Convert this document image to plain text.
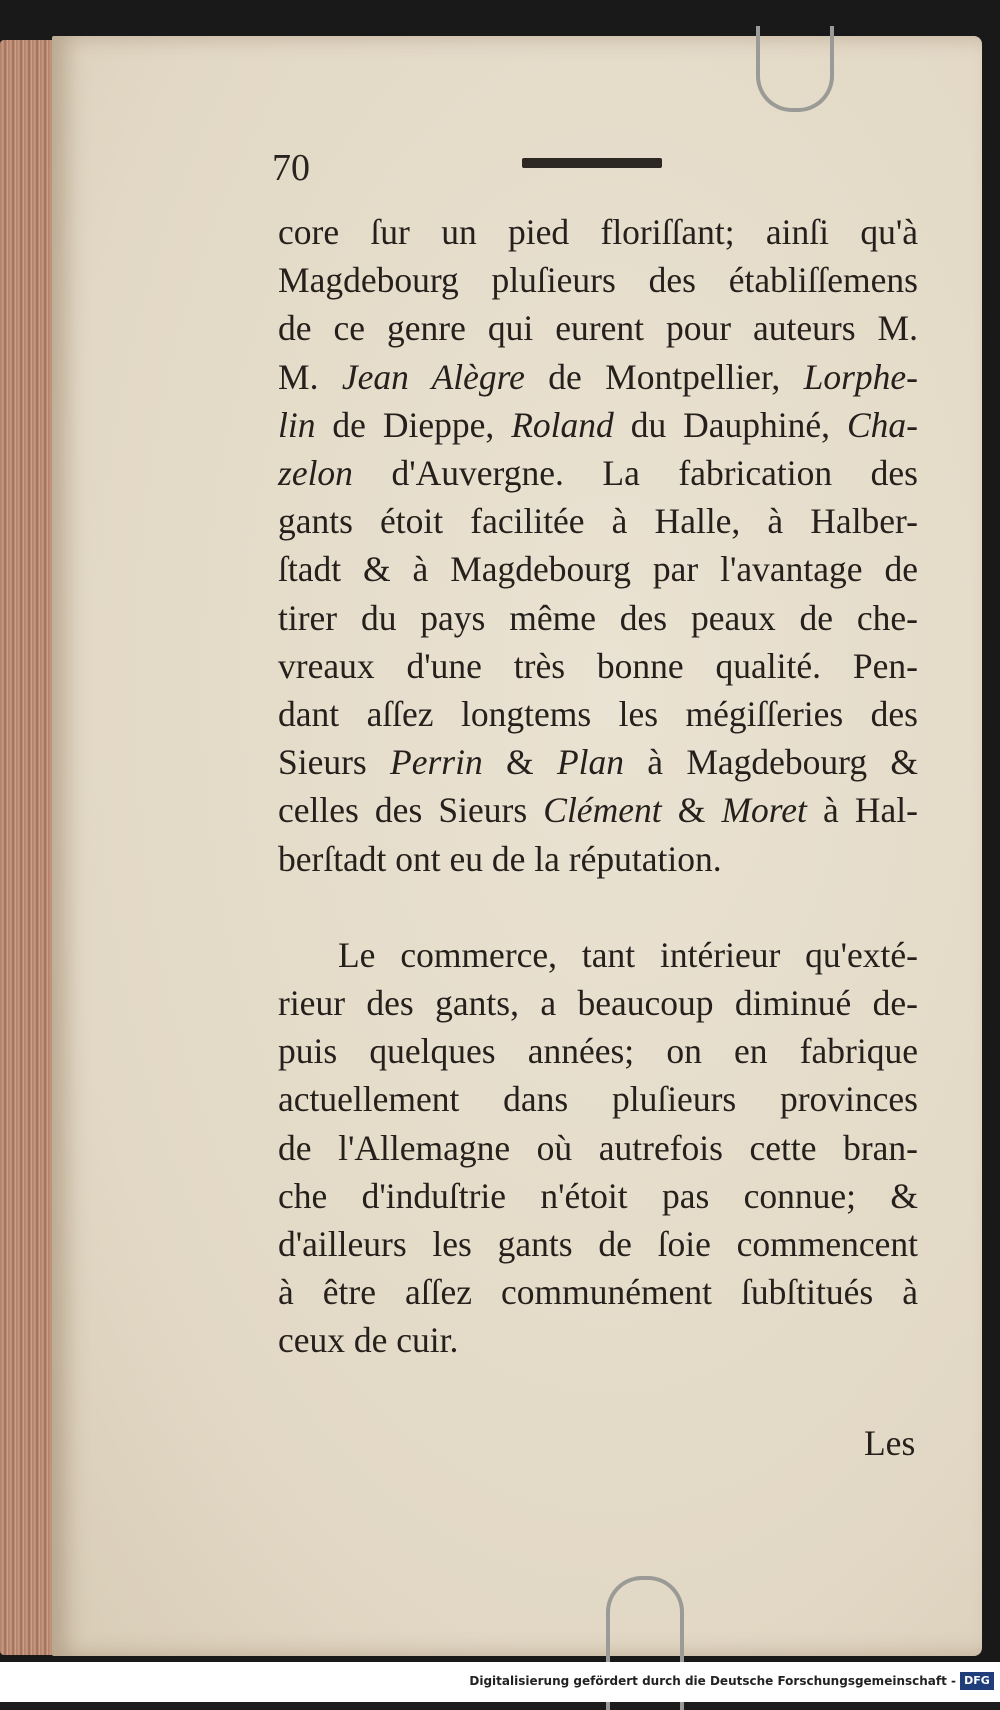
70
core ſur un pied floriſſant; ainſi qu'à
Magdebourg pluſieurs des établiſſemens
de ce genre qui eurent pour auteurs M.
M. Jean Alègre de Montpellier, Lorphe-
lin de Dieppe, Roland du Dauphiné, Cha-
zelon d'Auvergne. La fabrication des
gants étoit facilitée à Halle, à Halber-
ſtadt & à Magdebourg par l'avantage de
tirer du pays même des peaux de che-
vreaux d'une très bonne qualité. Pen-
dant aſſez longtems les mégiſſeries des
Sieurs Perrin & Plan à Magdebourg &
celles des Sieurs Clément & Moret à Hal-
berſtadt ont eu de la réputation.
Le commerce, tant intérieur qu'exté-
rieur des gants, a beaucoup diminué de-
puis quelques années; on en fabrique
actuellement dans pluſieurs provinces
de l'Allemagne où autrefois cette bran-
che d'induſtrie n'étoit pas connue; &
d'ailleurs les gants de ſoie commencent
à être aſſez communément ſubſtitués à
ceux de cuir.
Les
Digitalisierung gefördert durch die Deutsche Forschungsgemeinschaft - DFG
